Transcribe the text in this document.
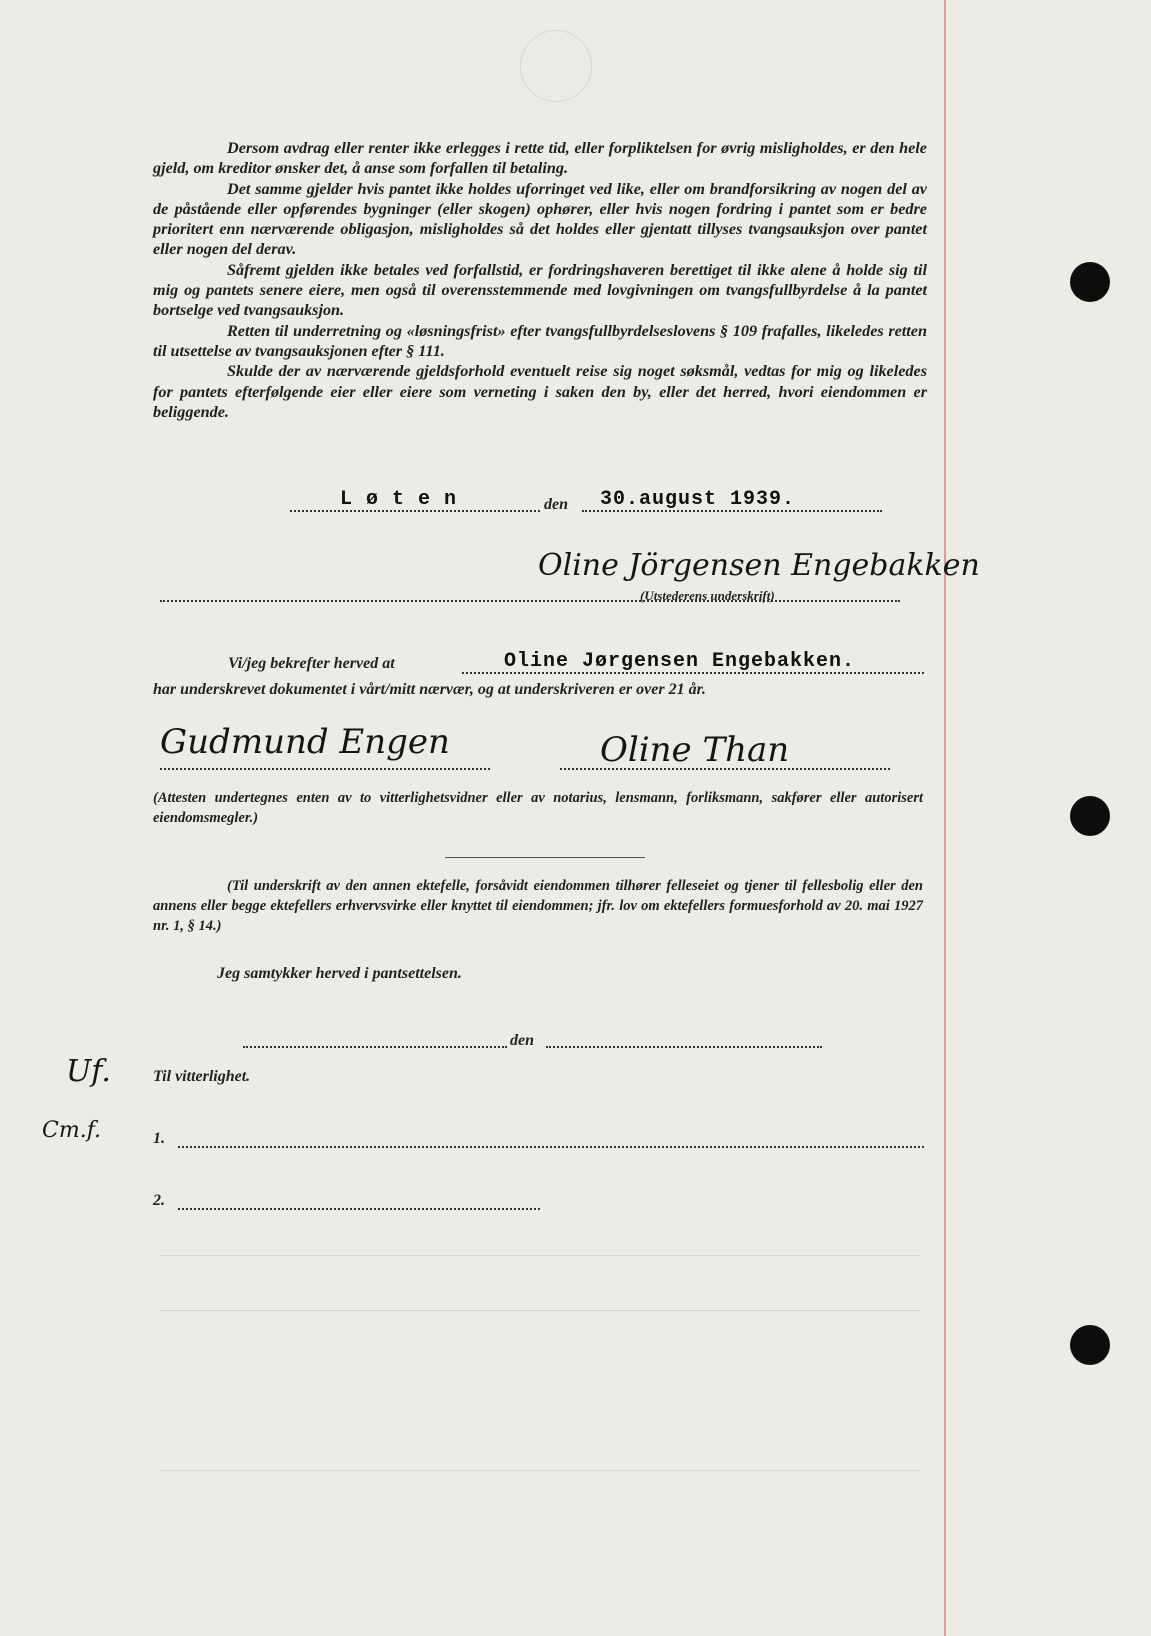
Dersom avdrag eller renter ikke erlegges i rette tid, eller forpliktelsen for øvrig misligholdes, er den hele gjeld, om kreditor ønsker det, å anse som forfallen til betaling.

Det samme gjelder hvis pantet ikke holdes uforringet ved like, eller om brandforsikring av nogen del av de påstående eller opførendes bygninger (eller skogen) ophører, eller hvis nogen fordring i pantet som er bedre prioritert enn nærværende obligasjon, misligholdes så det holdes eller gjentatt tillyses tvangsauksjon over pantet eller nogen del derav.

Såfremt gjelden ikke betales ved forfallstid, er fordringshaveren berettiget til ikke alene å holde sig til mig og pantets senere eiere, men også til overensstemmende med lovgivningen om tvangsfullbyrdelse å la pantet bortselge ved tvangsauksjon.

Retten til underretning og «løsningsfrist» efter tvangsfullbyrdelseslovens § 109 frafalles, likeledes retten til utsettelse av tvangsauksjonen efter § 111.

Skulde der av nærværende gjeldsforhold eventuelt reise sig noget søksmål, vedtas for mig og likeledes for pantets efterfølgende eier eller eiere som verneting i saken den by, eller det herred, hvori eiendommen er beliggende.

L ø t e n	den 30.august 1939.
Oline Jörgensen Engebakken
(Utstederens underskrift)
Vi/jeg bekrefter herved at	Oline Jørgensen Engebakken.
har underskrevet dokumentet i vårt/mitt nærvær, og at underskriveren er over 21 år.
Gudmund Engen	Oline Than

(Attesten undertegnes enten av to vitterlighetsvidner eller av notarius, lensmann, forliksmann, sakfører eller autorisert eiendomsmegler.)

(Til underskrift av den annen ektefelle, forsåvidt eiendommen tilhører felleseiet og tjener til fellesbolig eller den annens eller begge ektefellers erhvervsvirke eller knyttet til eiendommen; jfr. lov om ektefellers formuesforhold av 20. mai 1927 nr. 1, § 14.)

Jeg samtykker herved i pantsettelsen.
den
Til vitterlighet.
1.
2.
Uf.
Cm.f.
